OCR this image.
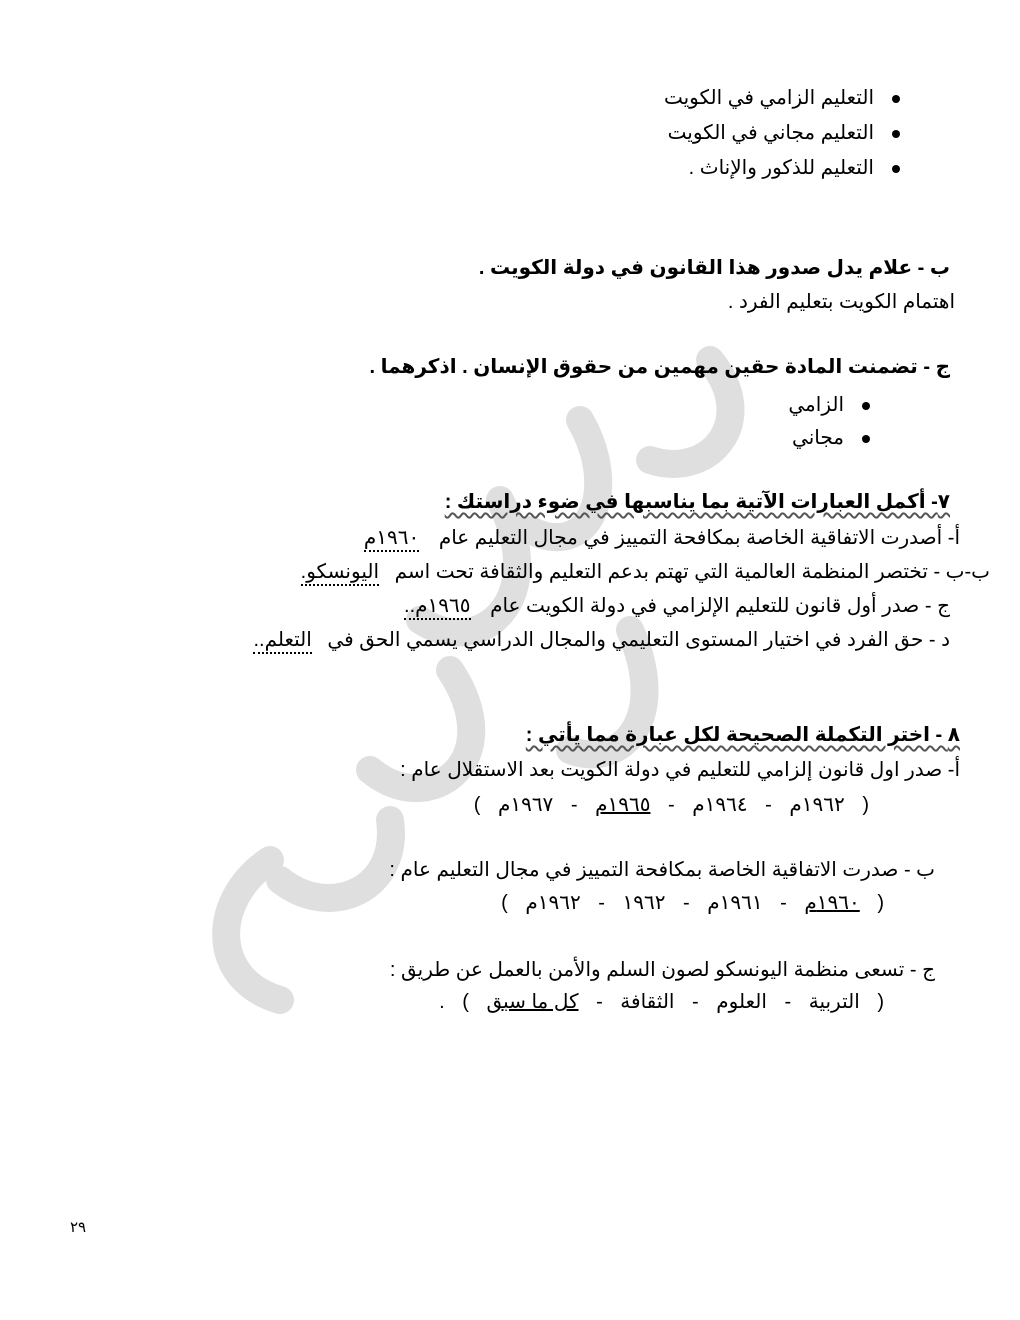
التعليم الزامي في الكويت
التعليم مجاني في الكويت
التعليم للذكور والإناث .
ب - علام يدل صدور هذا القانون في دولة الكويت .
اهتمام الكويت بتعليم الفرد .
ج - تضمنت المادة حقين مهمين من حقوق الإنسان . اذكرهما .
الزامي
مجاني
٧- أكمل العبارات الآتية بما يناسبها في ضوء دراستك :
أ- أصدرت الاتفاقية الخاصة بمكافحة التمييز في مجال التعليم عام ١٩٦٠م
ب-ب - تختصر المنظمة العالمية التي تهتم بدعم التعليم والثقافة تحت اسم اليونسكو.
ج - صدر أول قانون للتعليم الإلزامي في دولة الكويت عام ١٩٦٥م..
د - حق الفرد في اختيار المستوى التعليمي والمجال الدراسي يسمي الحق في التعلم..
٨ - اختر التكملة الصحيحة لكل عبارة مما يأتي :
أ- صدر اول قانون إلزامي للتعليم في دولة الكويت بعد الاستقلال عام :
( ١٩٦٢م - ١٩٦٤م - ١٩٦٥م - ١٩٦٧م )
ب - صدرت الاتفاقية الخاصة بمكافحة التمييز في مجال التعليم عام :
( ١٩٦٠م - ١٩٦١م - ١٩٦٢ - ١٩٦٢م )
ج - تسعى منظمة اليونسكو لصون السلم والأمن بالعمل عن طريق :
( التربية - العلوم - الثقافة - كل ما سبق ) .
٢٩
